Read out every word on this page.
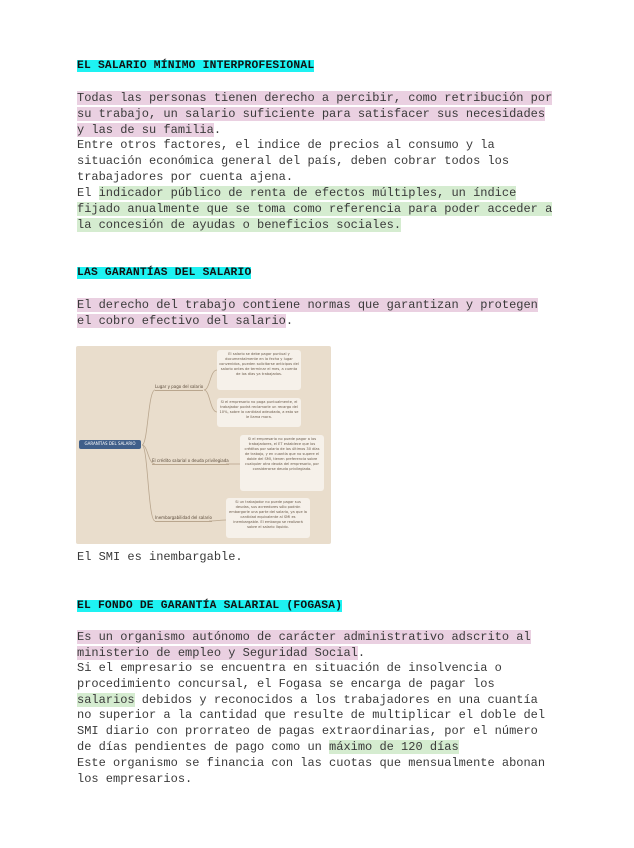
EL SALARIO MÍNIMO INTERPROFESIONAL
Todas las personas tienen derecho a percibir, como retribución por su trabajo, un salario suficiente para satisfacer sus necesidades y las de su familia.
Entre otros factores, el indice de precios al consumo y la situación económica general del país, deben cobrar todos los trabajadores por cuenta ajena.
El indicador público de renta de efectos múltiples, un índice fijado anualmente que se toma como referencia para poder acceder a la concesión de ayudas o beneficios sociales.
LAS GARANTÍAS DEL SALARIO
El derecho del trabajo contiene normas que garantizan y protegen el cobro efectivo del salario.
GARANTÍAS DEL SALARIO
Lugar y pago del salario
El crédito salarial o deuda privilegiada
Inembargabilidad del salario
El salario se debe pagar puntual y documentalmente en la fecha y lugar convenidos, pueden solicitarse anticipos del salario antes de terminar el mes, a cuenta de los días ya trabajados.
Si el empresario no paga puntualmente, el trabajador podrá reclamarle un recargo del 10%, sobre la cantidad adeudada, a esto se le llama mora.
Si el empresario no puede pagar a los trabajadores, el ET establece que los créditos por salario de los últimos 30 días de trabajo, y en cuantía que no supere el doble del SMI, tienen preferencia sobre cualquier otra deuda del empresario, por considerarse deuda privilegiada.
Si un trabajador no puede pagar sus deudas, sus acreedores sólo podrán embargarle una parte del salario, ya que la cantidad equivalente al SMI es inembargable. El embargo se realizará sobre el salario líquido.
El SMI es inembargable.
EL FONDO DE GARANTÍA SALARIAL (FOGASA)
Es un organismo autónomo de carácter administrativo adscrito al ministerio de empleo y Seguridad Social.
Si el empresario se encuentra en situación de insolvencia o procedimiento concursal, el Fogasa se encarga de pagar los salarios debidos y reconocidos a los trabajadores en una cuantía no superior a la cantidad que resulte de multiplicar el doble del SMI diario con prorrateo de pagas extraordinarias, por el número de días pendientes de pago como un máximo de 120 días
Este organismo se financia con las cuotas que mensualmente abonan los empresarios.
